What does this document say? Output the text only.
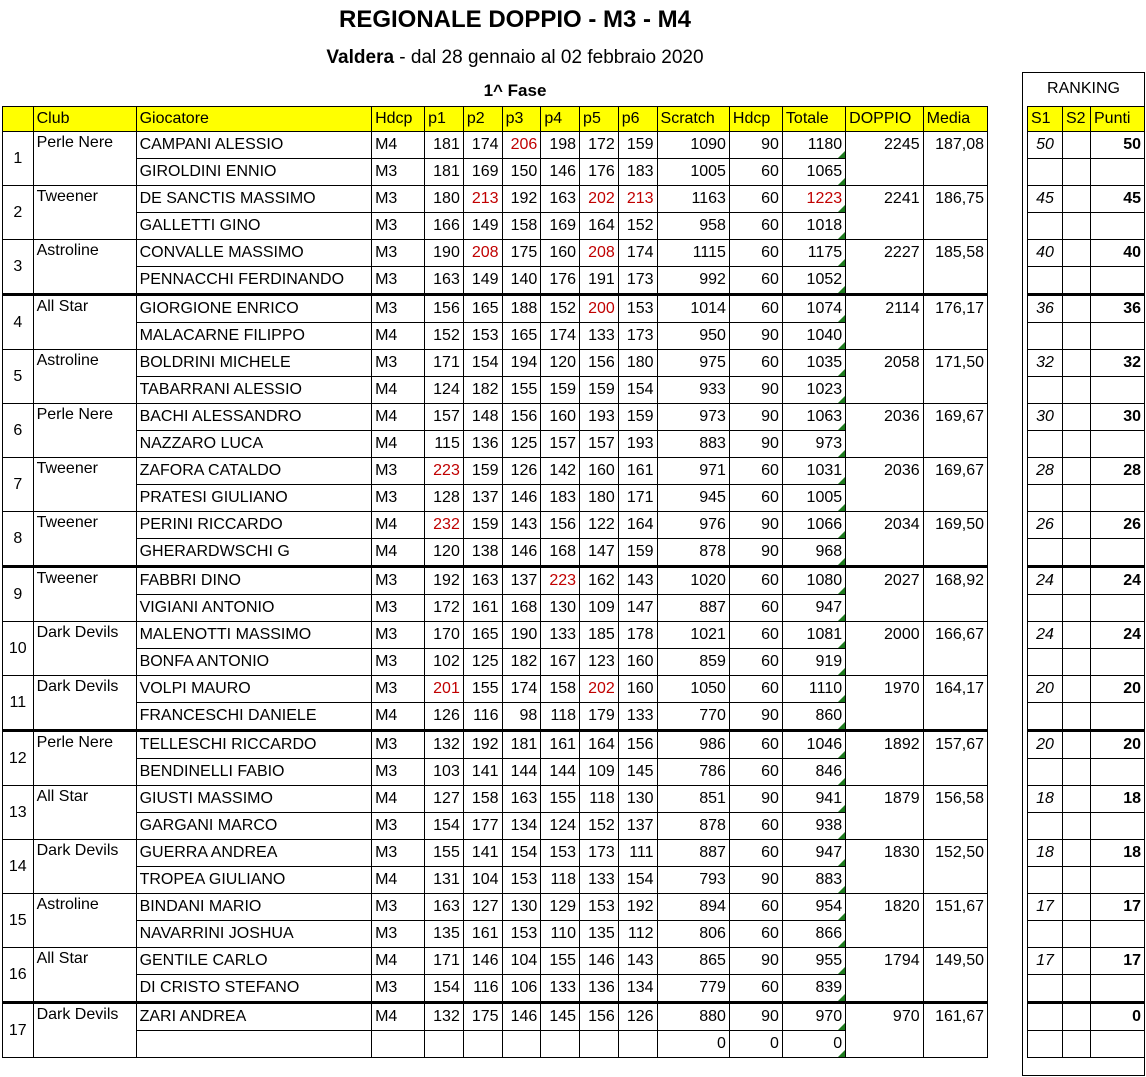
REGIONALE DOPPIO - M3 - M4
Valdera - dal 28 gennaio al 02 febbraio 2020
1^ Fase	RANKING
	Club	Giocatore	Hdcp	p1	p2	p3	p4	p5	p6	Scratch	Hdcp	Totale	DOPPIO	Media
1	Perle Nere	CAMPANI ALESSIO	M4	181	174	206	198	172	159	1090	90	1180	2245	187,08
		GIROLDINI ENNIO	M3	181	169	150	146	176	183	1005	60	1065		
2	Tweener	DE SANCTIS MASSIMO	M3	180	213	192	163	202	213	1163	60	1223	2241	186,75
		GALLETTI GINO	M3	166	149	158	169	164	152	958	60	1018		
3	Astroline	CONVALLE MASSIMO	M3	190	208	175	160	208	174	1115	60	1175	2227	185,58
		PENNACCHI FERDINANDO	M3	163	149	140	176	191	173	992	60	1052		
4	All Star	GIORGIONE ENRICO	M3	156	165	188	152	200	153	1014	60	1074	2114	176,17
		MALACARNE FILIPPO	M4	152	153	165	174	133	173	950	90	1040		
5	Astroline	BOLDRINI MICHELE	M3	171	154	194	120	156	180	975	60	1035	2058	171,50
		TABARRANI ALESSIO	M4	124	182	155	159	159	154	933	90	1023		
6	Perle Nere	BACHI ALESSANDRO	M4	157	148	156	160	193	159	973	90	1063	2036	169,67
		NAZZARO LUCA	M4	115	136	125	157	157	193	883	90	973		
7	Tweener	ZAFORA CATALDO	M3	223	159	126	142	160	161	971	60	1031	2036	169,67
		PRATESI GIULIANO	M3	128	137	146	183	180	171	945	60	1005		
8	Tweener	PERINI RICCARDO	M4	232	159	143	156	122	164	976	90	1066	2034	169,50
		GHERARDWSCHI G	M4	120	138	146	168	147	159	878	90	968		
9	Tweener	FABBRI DINO	M3	192	163	137	223	162	143	1020	60	1080	2027	168,92
		VIGIANI ANTONIO	M3	172	161	168	130	109	147	887	60	947		
10	Dark Devils	MALENOTTI MASSIMO	M3	170	165	190	133	185	178	1021	60	1081	2000	166,67
		BONFA ANTONIO	M3	102	125	182	167	123	160	859	60	919		
11	Dark Devils	VOLPI MAURO	M3	201	155	174	158	202	160	1050	60	1110	1970	164,17
		FRANCESCHI DANIELE	M4	126	116	98	118	179	133	770	90	860		
12	Perle Nere	TELLESCHI RICCARDO	M3	132	192	181	161	164	156	986	60	1046	1892	157,67
		BENDINELLI FABIO	M3	103	141	144	144	109	145	786	60	846		
13	All Star	GIUSTI MASSIMO	M4	127	158	163	155	118	130	851	90	941	1879	156,58
		GARGANI MARCO	M3	154	177	134	124	152	137	878	60	938		
14	Dark Devils	GUERRA ANDREA	M3	155	141	154	153	173	111	887	60	947	1830	152,50
		TROPEA GIULIANO	M4	131	104	153	118	133	154	793	90	883		
15	Astroline	BINDANI MARIO	M3	163	127	130	129	153	192	894	60	954	1820	151,67
		NAVARRINI JOSHUA	M3	135	161	153	110	135	112	806	60	866		
16	All Star	GENTILE CARLO	M4	171	146	104	155	146	143	865	90	955	1794	149,50
		DI CRISTO STEFANO	M3	154	116	106	133	136	134	779	60	839		
17	Dark Devils	ZARI ANDREA	M4	132	175	146	145	156	126	880	90	970	970	161,67
										0	0	0		
S1	S2	Punti
50		50

45		45

40		40

36		36

32		32

30		30

28		28

26		26

24		24

24		24

20		20

20		20

18		18

18		18

17		17

17		17

		0
